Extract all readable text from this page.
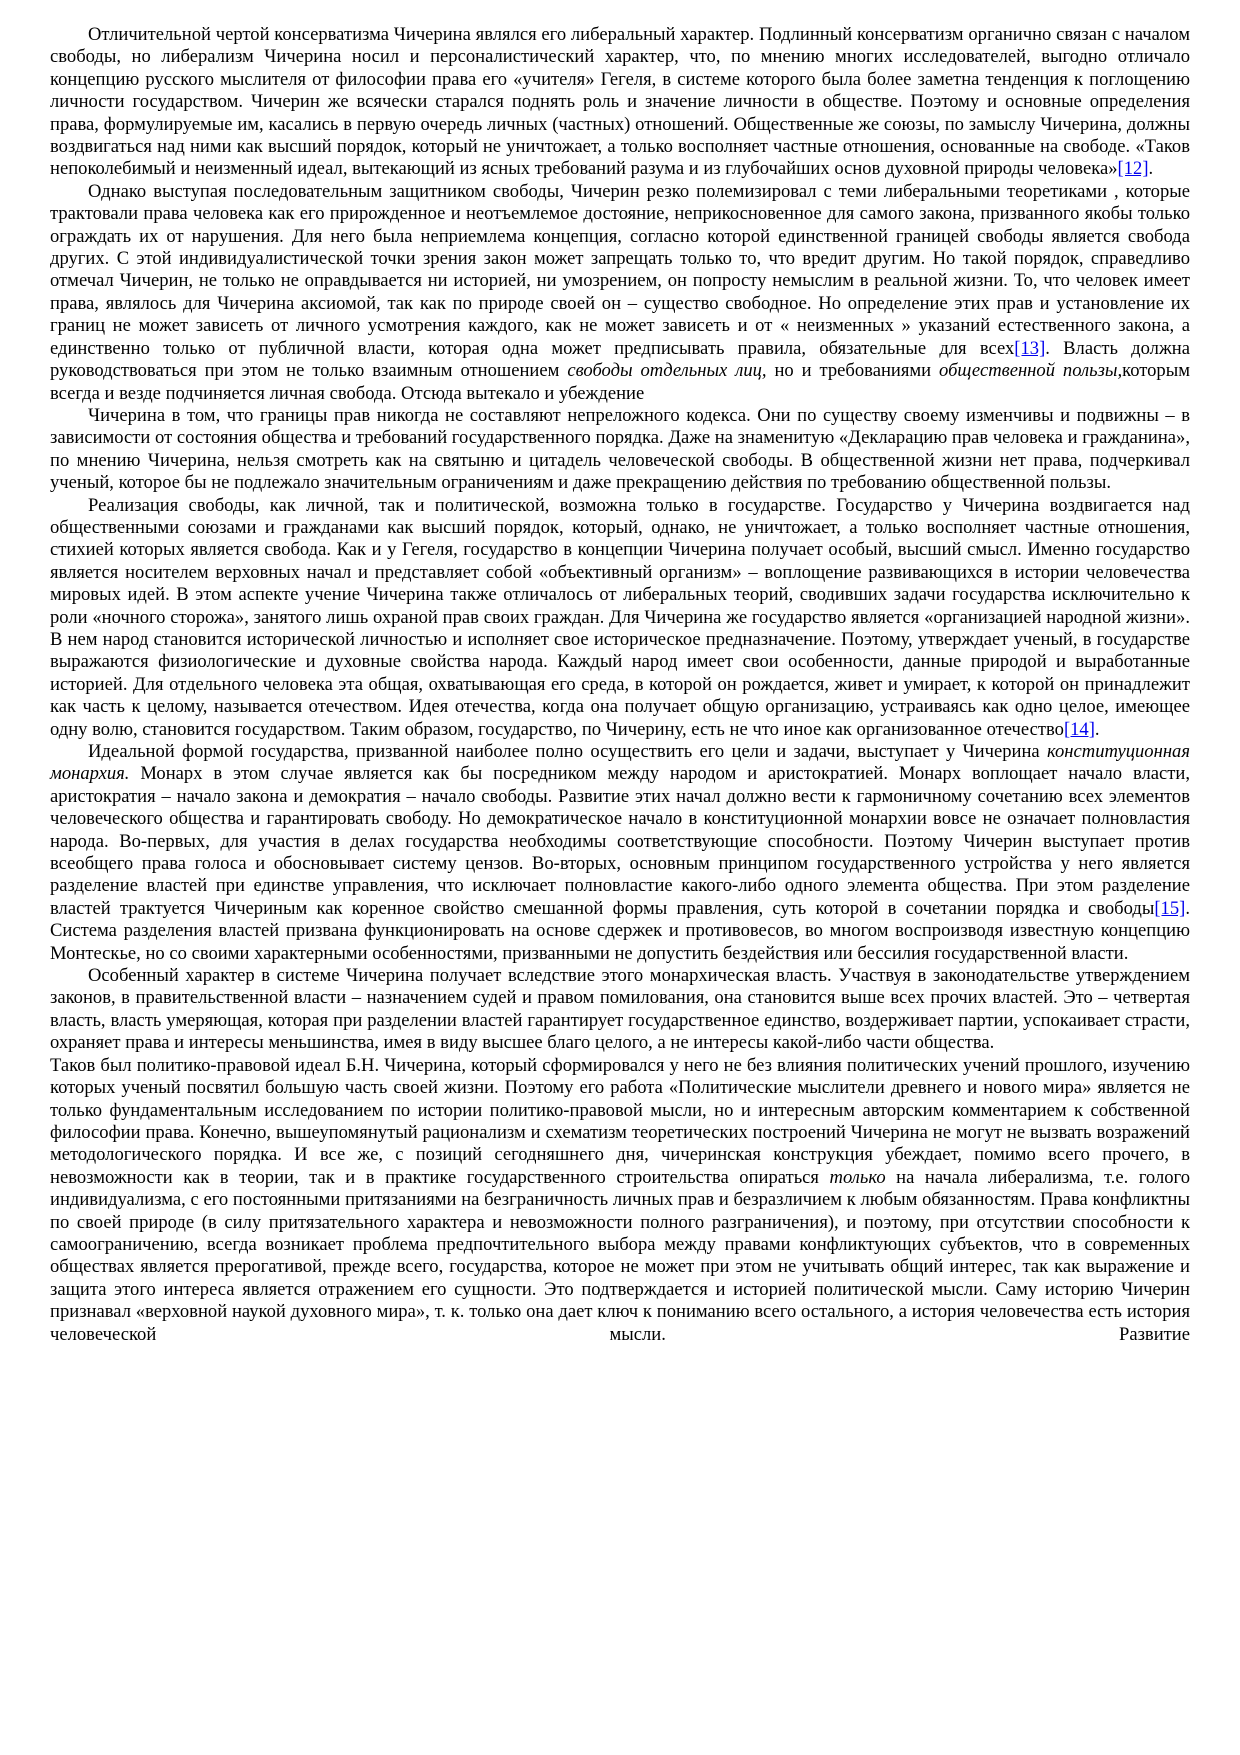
Отличительной чертой консерватизма Чичерина являлся его либеральный характер. Подлинный консерватизм органично связан с началом свободы, но либерализм Чичерина носил и персоналистический характер, что, по мнению многих исследователей, выгодно отличало концепцию русского мыслителя от философии права его «учителя» Гегеля, в системе которого была более заметна тенденция к поглощению личности государством. Чичерин же всячески старался поднять роль и значение личности в обществе. Поэтому и основные определения права, формулируемые им, касались в первую очередь личных (частных) отношений. Общественные же союзы, по замыслу Чичерина, должны воздвигаться над ними как высший порядок, который не уничтожает, а только восполняет частные отношения, основанные на свободе. «Таков непоколебимый и неизменный идеал, вытекающий из ясных требований разума и из глубочайших основ духовной природы человека»[12].

Однако выступая последовательным защитником свободы, Чичерин резко полемизировал с теми либеральными теоретиками , которые трактовали права человека как его прирожденное и неотъемлемое достояние, неприкосновенное для самого закона, призванного якобы только ограждать их от нарушения. Для него была неприемлема концепция, согласно которой единственной границей свободы является свобода других. С этой индивидуалистической точки зрения закон может запрещать только то, что вредит другим. Но такой порядок, справедливо отмечал Чичерин, не только не оправдывается ни историей, ни умозрением, он попросту немыслим в реальной жизни. То, что человек имеет права, являлось для Чичерина аксиомой, так как по природе своей он – существо свободное. Но определение этих прав и установление их границ не может зависеть от личного усмотрения каждого, как не может зависеть и от « неизменных » указаний естественного закона, а единственно только от публичной власти, которая одна может предписывать правила, обязательные для всех[13]. Власть должна руководствоваться при этом не только взаимным отношением свободы отдельных лиц, но и требованиями общественной пользы,которым всегда и везде подчиняется личная свобода. Отсюда вытекало и убеждение

Чичерина в том, что границы прав никогда не составляют непреложного кодекса. Они по существу своему изменчивы и подвижны – в зависимости от состояния общества и требований государственного порядка. Даже на знаменитую «Декларацию прав человека и гражданина», по мнению Чичерина, нельзя смотреть как на святыню и цитадель человеческой свободы. В общественной жизни нет права, подчеркивал ученый, которое бы не подлежало значительным ограничениям и даже прекращению действия по требованию общественной пользы.

Реализация свободы, как личной, так и политической, возможна только в государстве. Государство у Чичерина воздвигается над общественными союзами и гражданами как высший порядок, который, однако, не уничтожает, а только восполняет частные отношения, стихией которых является свобода. Как и у Гегеля, государство в концепции Чичерина получает особый, высший смысл. Именно государство является носителем верховных начал и представляет собой «объективный организм» – воплощение развивающихся в истории человечества мировых идей. В этом аспекте учение Чичерина также отличалось от либеральных теорий, сводивших задачи государства исключительно к роли «ночного сторожа», занятого лишь охраной прав своих граждан. Для Чичерина же государство является «организацией народной жизни». В нем народ становится исторической личностью и исполняет свое историческое предназначение. Поэтому, утверждает ученый, в государстве выражаются физиологические и духовные свойства народа. Каждый народ имеет свои особенности, данные природой и выработанные историей. Для отдельного человека эта общая, охватывающая его среда, в которой он рождается, живет и умирает, к которой он принадлежит как часть к целому, называется отечеством. Идея отечества, когда она получает общую организацию, устраиваясь как одно целое, имеющее одну волю, становится государством. Таким образом, государство, по Чичерину, есть не что иное как организованное отечество[14].

Идеальной формой государства, призванной наиболее полно осуществить его цели и задачи, выступает у Чичерина конституционная монархия. Монарх в этом случае является как бы посредником между народом и аристократией. Монарх воплощает начало власти, аристократия – начало закона и демократия – начало свободы. Развитие этих начал должно вести к гармоничному сочетанию всех элементов человеческого общества и гарантировать свободу. Но демократическое начало в конституционной монархии вовсе не означает полновластия народа. Во-первых, для участия в делах государства необходимы соответствующие способности. Поэтому Чичерин выступает против всеобщего права голоса и обосновывает систему цензов. Во-вторых, основным принципом государственного устройства у него является разделение властей при единстве управления, что исключает полновластие какого-либо одного элемента общества. При этом разделение властей трактуется Чичериным как коренное свойство смешанной формы правления, суть которой в сочетании порядка и свободы[15]. Система разделения властей призвана функционировать на основе сдержек и противовесов, во многом воспроизводя известную концепцию Монтескье, но со своими характерными особенностями, призванными не допустить бездействия или бессилия государственной власти.

Особенный характер в системе Чичерина получает вследствие этого монархическая власть. Участвуя в законодательстве утверждением законов, в правительственной власти – назначением судей и правом помилования, она становится выше всех прочих властей. Это – четвертая власть, власть умеряющая, которая при разделении властей гарантирует государственное единство, воздерживает партии, успокаивает страсти, охраняет права и интересы меньшинства, имея в виду высшее благо целого, а не интересы какой-либо части общества.

Таков был политико-правовой идеал Б.Н. Чичерина, который сформировался у него не без влияния политических учений прошлого, изучению которых ученый посвятил большую часть своей жизни. Поэтому его работа «Политические мыслители древнего и нового мира» является не только фундаментальным исследованием по истории политико-правовой мысли, но и интересным авторским комментарием к собственной философии права. Конечно, вышеупомянутый рационализм и схематизм теоретических построений Чичерина не могут не вызвать возражений методологического порядка. И все же, с позиций сегодняшнего дня, чичеринская конструкция убеждает, помимо всего прочего, в невозможности как в теории, так и в практике государственного строительства опираться только на начала либерализма, т.е. голого индивидуализма, с его постоянными притязаниями на безграничность личных прав и безразличием к любым обязанностям. Права конфликтны по своей природе (в силу притязательного характера и невозможности полного разграничения), и поэтому, при отсутствии способности к самоограничению, всегда возникает проблема предпочтительного выбора между правами конфликтующих субъектов, что в современных обществах является прерогативой, прежде всего, государства, которое не может при этом не учитывать общий интерес, так как выражение и защита этого интереса является отражением его сущности. Это подтверждается и историей политической мысли. Саму историю Чичерин признавал «верховной наукой духовного мира», т. к. только она дает ключ к пониманию всего остального, а история человечества есть история человеческой мысли. Развитие
